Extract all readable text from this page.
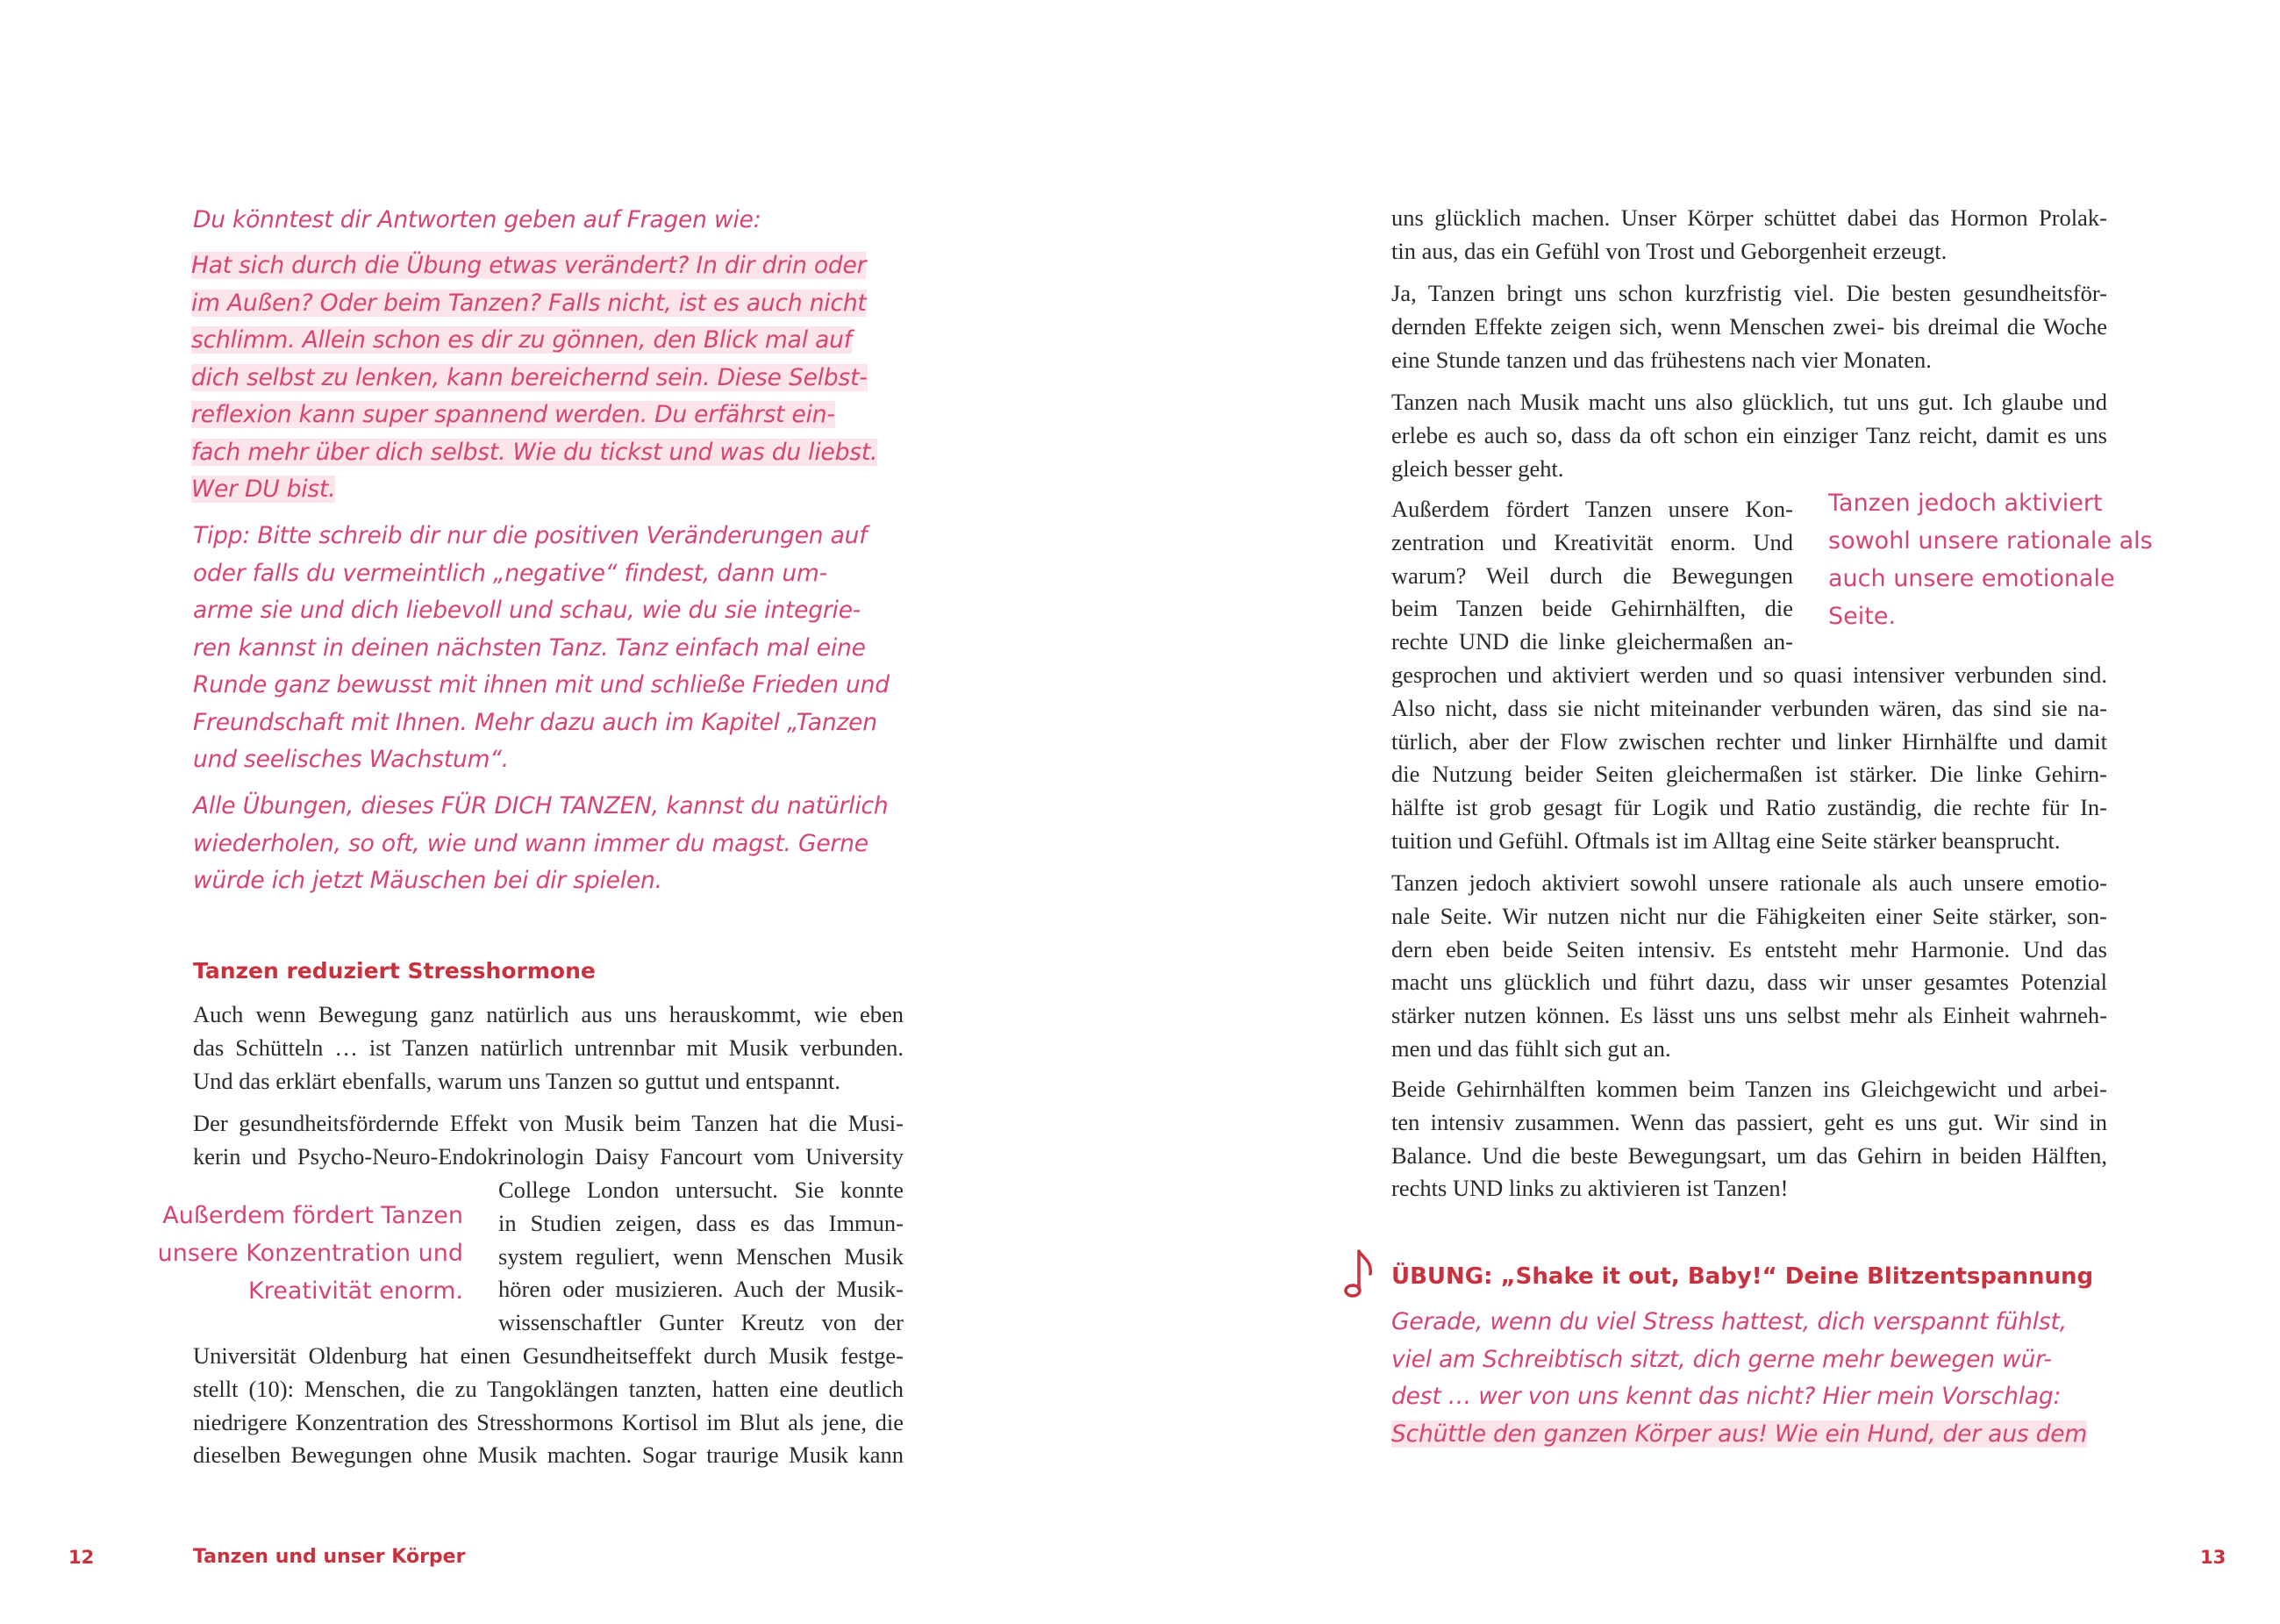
Du könntest dir Antworten geben auf Fragen wie:
Hat sich durch die Übung etwas verändert? In dir drin oder
im Außen? Oder beim Tanzen? Falls nicht, ist es auch nicht
schlimm. Allein schon es dir zu gönnen, den Blick mal auf
dich selbst zu lenken, kann bereichernd sein. Diese Selbst-
reflexion kann super spannend werden. Du erfährst ein-
fach mehr über dich selbst. Wie du tickst und was du liebst.
Wer DU bist.
Tipp: Bitte schreib dir nur die positiven Veränderungen auf
oder falls du vermeintlich „negative“ findest, dann um-
arme sie und dich liebevoll und schau, wie du sie integrie-
ren kannst in deinen nächsten Tanz. Tanz einfach mal eine
Runde ganz bewusst mit ihnen mit und schließe Frieden und
Freundschaft mit Ihnen. Mehr dazu auch im Kapitel „Tanzen
und seelisches Wachstum“.
Alle Übungen, dieses FÜR DICH TANZEN, kannst du natürlich
wiederholen, so oft, wie und wann immer du magst. Gerne
würde ich jetzt Mäuschen bei dir spielen.
Tanzen reduziert Stresshormone
Auch wenn Bewegung ganz natürlich aus uns herauskommt, wie eben
das Schütteln … ist Tanzen natürlich untrennbar mit Musik verbunden.
Und das erklärt ebenfalls, warum uns Tanzen so guttut und entspannt.
Der gesundheitsfördernde Effekt von Musik beim Tanzen hat die Musi-
kerin und Psycho-Neuro-Endokrinologin Daisy Fancourt vom University
College London untersucht. Sie konnte
in Studien zeigen, dass es das Immun-
system reguliert, wenn Menschen Musik
hören oder musizieren. Auch der Musik-
wissenschaftler Gunter Kreutz von der
Außerdem fördert Tanzen
unsere Konzentration und
Kreativität enorm.
Universität Oldenburg hat einen Gesundheitseffekt durch Musik festge-
stellt (10): Menschen, die zu Tangoklängen tanzten, hatten eine deutlich
niedrigere Konzentration des Stresshormons Kortisol im Blut als jene, die
dieselben Bewegungen ohne Musik machten. Sogar traurige Musik kann
12	Tanzen und unser Körper
uns glücklich machen. Unser Körper schüttet dabei das Hormon Prolak-
tin aus, das ein Gefühl von Trost und Geborgenheit erzeugt.
Ja, Tanzen bringt uns schon kurzfristig viel. Die besten gesundheitsför-
dernden Effekte zeigen sich, wenn Menschen zwei- bis dreimal die Woche
eine Stunde tanzen und das frühestens nach vier Monaten.
Tanzen nach Musik macht uns also glücklich, tut uns gut. Ich glaube und
erlebe es auch so, dass da oft schon ein einziger Tanz reicht, damit es uns
gleich besser geht.
Außerdem fördert Tanzen unsere Kon-
zentration und Kreativität enorm. Und
warum? Weil durch die Bewegungen
beim Tanzen beide Gehirnhälften, die
rechte UND die linke gleichermaßen an-
Tanzen jedoch aktiviert
sowohl unsere rationale als
auch unsere emotionale
Seite.
gesprochen und aktiviert werden und so quasi intensiver verbunden sind.
Also nicht, dass sie nicht miteinander verbunden wären, das sind sie na-
türlich, aber der Flow zwischen rechter und linker Hirnhälfte und damit
die Nutzung beider Seiten gleichermaßen ist stärker. Die linke Gehirn-
hälfte ist grob gesagt für Logik und Ratio zuständig, die rechte für In-
tuition und Gefühl. Oftmals ist im Alltag eine Seite stärker beansprucht.
Tanzen jedoch aktiviert sowohl unsere rationale als auch unsere emotio-
nale Seite. Wir nutzen nicht nur die Fähigkeiten einer Seite stärker, son-
dern eben beide Seiten intensiv. Es entsteht mehr Harmonie. Und das
macht uns glücklich und führt dazu, dass wir unser gesamtes Potenzial
stärker nutzen können. Es lässt uns uns selbst mehr als Einheit wahrneh-
men und das fühlt sich gut an.
Beide Gehirnhälften kommen beim Tanzen ins Gleichgewicht und arbei-
ten intensiv zusammen. Wenn das passiert, geht es uns gut. Wir sind in
Balance. Und die beste Bewegungsart, um das Gehirn in beiden Hälften,
rechts UND links zu aktivieren ist Tanzen!
ÜBUNG: „Shake it out, Baby!“ Deine Blitzentspannung
Gerade, wenn du viel Stress hattest, dich verspannt fühlst,
viel am Schreibtisch sitzt, dich gerne mehr bewegen wür-
dest … wer von uns kennt das nicht? Hier mein Vorschlag:
Schüttle den ganzen Körper aus! Wie ein Hund, der aus dem
13
